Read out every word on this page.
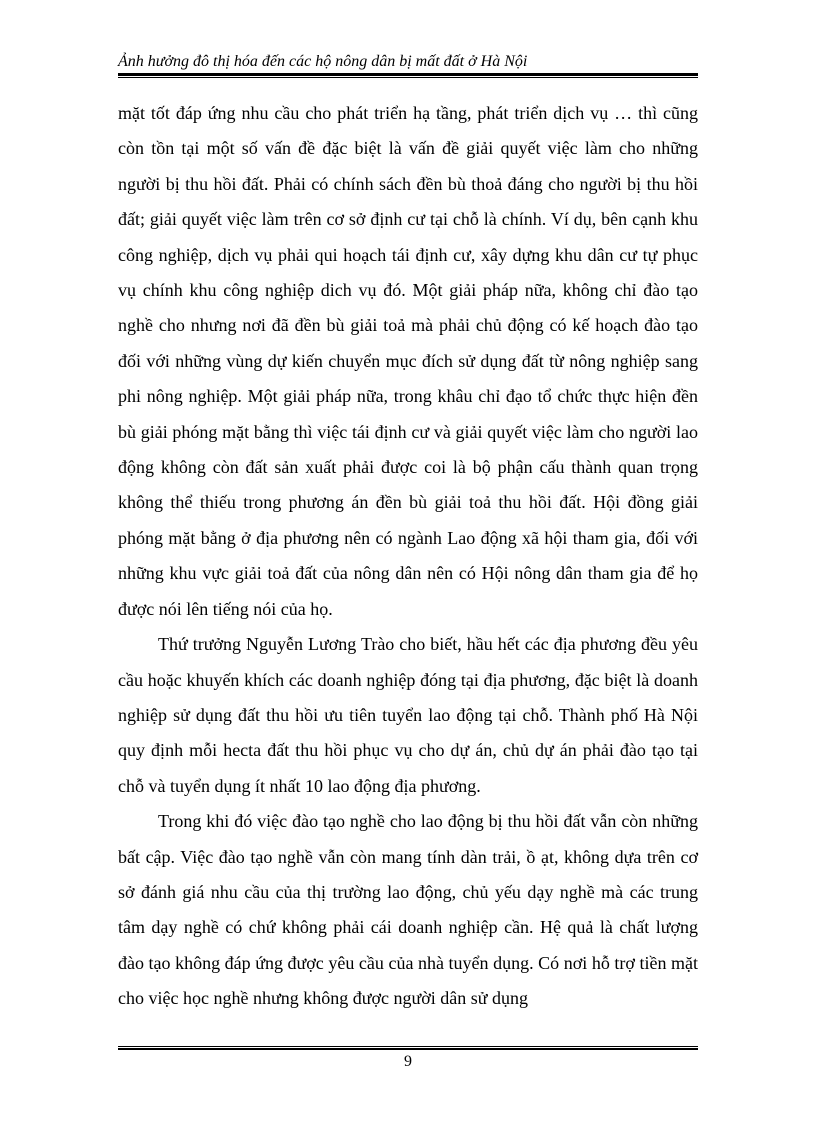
Ảnh hưởng đô thị hóa đến các hộ nông dân bị mất đất ở Hà Nội

mặt tốt đáp ứng nhu cầu cho phát triển hạ tầng, phát triển dịch vụ … thì cũng còn tồn tại một số vấn đề đặc biệt là vấn đề giải quyết việc làm cho những người bị thu hồi đất. Phải có chính sách đền bù thoả đáng cho người bị thu hồi đất; giải quyết việc làm trên cơ sở định cư tại chỗ là chính. Ví dụ, bên cạnh khu công nghiệp, dịch vụ phải qui hoạch tái định cư, xây dựng khu dân cư tự phục vụ chính khu công nghiệp dich vụ đó. Một giải pháp nữa, không chỉ đào tạo nghề cho nhưng nơi đã đền bù giải toả mà phải chủ động có kế hoạch đào tạo đối với những vùng dự kiến chuyển mục đích sử dụng đất từ nông nghiệp sang phi nông nghiệp. Một giải pháp nữa, trong khâu chỉ đạo tổ chức thực hiện đền bù giải phóng mặt bằng thì việc tái định cư và giải quyết việc làm cho người lao động không còn đất sản xuất phải được coi là bộ phận cấu thành quan trọng không thể thiếu trong phương án đền bù giải toả thu hồi đất. Hội đồng giải phóng mặt bằng ở địa phương nên có ngành Lao động xã hội tham gia, đối với những khu vực giải toả đất của nông dân nên có Hội nông dân tham gia để họ được nói lên tiếng nói của họ.

Thứ trưởng Nguyễn Lương Trào cho biết, hầu hết các địa phương đều yêu cầu hoặc khuyến khích các doanh nghiệp đóng tại địa phương, đặc biệt là doanh nghiệp sử dụng đất thu hồi ưu tiên tuyển lao động tại chỗ. Thành phố Hà Nội quy định mỗi hecta đất thu hồi phục vụ cho dự án, chủ dự án phải đào tạo tại chỗ và tuyển dụng ít nhất 10 lao động địa phương.

Trong khi đó việc đào tạo nghề cho lao động bị thu hồi đất vẫn còn những bất cập. Việc đào tạo nghề vẫn còn mang tính dàn trải, ồ ạt, không dựa trên cơ sở đánh giá nhu cầu của thị trường lao động, chủ yếu dạy nghề mà các trung tâm dạy nghề có chứ không phải cái doanh nghiệp cần. Hệ quả là chất lượng đào tạo không đáp ứng được yêu cầu của nhà tuyển dụng. Có nơi hỗ trợ tiền mặt cho việc học nghề nhưng không được người dân sử dụng

9
